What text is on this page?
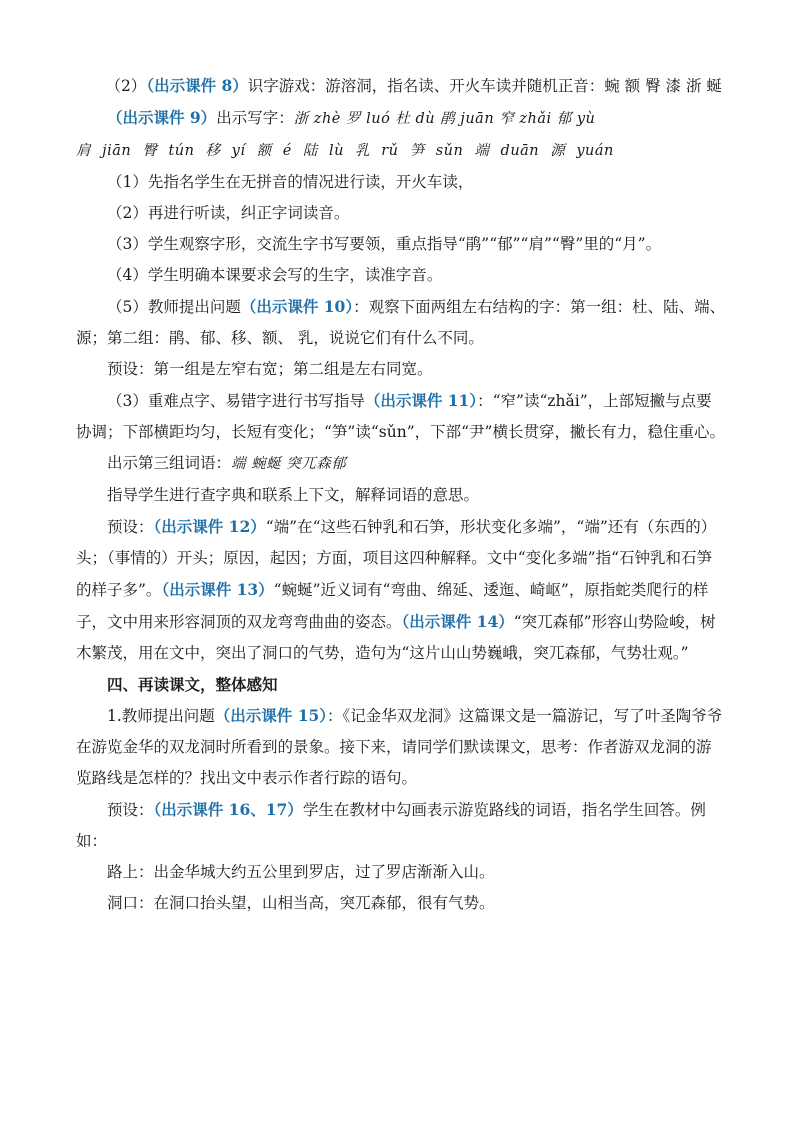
（2）（出示课件 8）识字游戏：游溶洞，指名读、开火车读并随机正音：蜿 额 臀 漆 浙 蜒

（出示课件 9）出示写字：浙 zhè 罗 luó 杜 dù 鹃 juān 窄 zhǎi 郁 yù

肩 jiān 臀 tún 移 yí 额 é 陆 lù 乳 rǔ 笋 sǔn 端 duān 源 yuán

（1）先指名学生在无拼音的情况进行读，开火车读，

（2）再进行听读，纠正字词读音。

（3）学生观察字形，交流生字书写要领，重点指导“鹃”“郁”“肩”“臀”里的“月”。

（4）学生明确本课要求会写的生字，读准字音。

（5）教师提出问题（出示课件 10）：观察下面两组左右结构的字：第一组：杜、陆、端、源；第二组：鹃、郁、移、额、 乳，说说它们有什么不同。

预设：第一组是左窄右宽；第二组是左右同宽。

（3）重难点字、易错字进行书写指导（出示课件 11）：“窄”读“zhǎi”，上部短撇与点要协调；下部横距均匀，长短有变化；“笋”读“sǔn”，下部“尹”横长贯穿，撇长有力，稳住重心。

出示第三组词语：端 蜿蜒 突兀森郁

指导学生进行查字典和联系上下文，解释词语的意思。

预设：（出示课件 12）“端”在“这些石钟乳和石笋，形状变化多端”，“端”还有（东西的）头；（事情的）开头；原因，起因；方面，项目这四种解释。文中“变化多端”指“石钟乳和石笋的样子多”。（出示课件 13）“蜿蜒”近义词有“弯曲、绵延、逶迤、崎岖”，原指蛇类爬行的样子，文中用来形容洞顶的双龙弯弯曲曲的姿态。（出示课件 14）“突兀森郁”形容山势险峻，树木繁茂，用在文中，突出了洞口的气势，造句为“这片山山势巍峨，突兀森郁，气势壮观。”

四、再读课文，整体感知

1.教师提出问题（出示课件 15）：《记金华双龙洞》这篇课文是一篇游记，写了叶圣陶爷爷在游览金华的双龙洞时所看到的景象。接下来，请同学们默读课文，思考：作者游双龙洞的游览路线是怎样的？找出文中表示作者行踪的语句。

预设：（出示课件 16、17）学生在教材中勾画表示游览路线的词语，指名学生回答。例如：

路上：出金华城大约五公里到罗店，过了罗店渐渐入山。

洞口：在洞口抬头望，山相当高，突兀森郁，很有气势。
